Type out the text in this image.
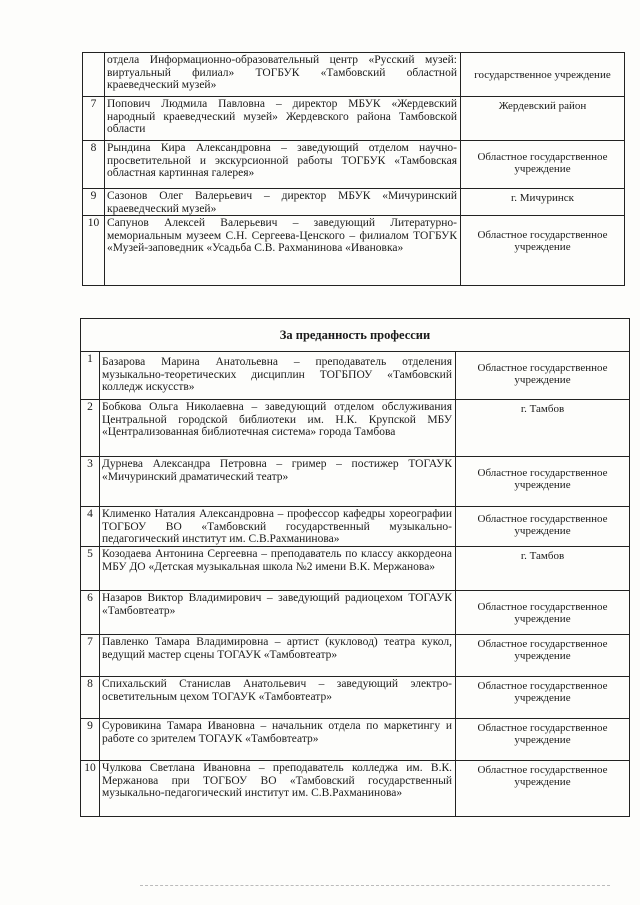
	отдела Информационно-образовательный центр «Русский музей: виртуальный филиал» ТОГБУК «Тамбовский областной краеведческий музей»	государственное учреждение
7	Попович Людмила Павловна – директор МБУК «Жердевский народный краеведческий музей» Жердевского района Тамбовской области	Жердевский район
8	Рындина Кира Александровна – заведующий отделом научно-просветительной и экскурсионной работы ТОГБУК «Тамбовская областная картинная галерея»	Областное государственное учреждение
9	Сазонов Олег Валерьевич – директор МБУК «Мичуринский краеведческий музей»	г. Мичуринск
10	Сапунов Алексей Валерьевич – заведующий Литературно-мемориальным музеем С.Н. Сергеева-Ценского – филиалом ТОГБУК «Музей-заповедник «Усадьба С.В. Рахманинова «Ивановка»	Областное государственное учреждение
За преданность профессии		
1	Базарова Марина Анатольевна – преподаватель отделения музыкально-теоретических дисциплин ТОГБПОУ «Тамбовский колледж искусств»	Областное государственное учреждение
2	Бобкова Ольга Николаевна – заведующий отделом обслуживания Центральной городской библиотеки им. Н.К. Крупской МБУ «Централизованная библиотечная система» города Тамбова	г. Тамбов
3	Дурнева Александра Петровна – гример – постижер ТОГАУК «Мичуринский драматический театр»	Областное государственное учреждение
4	Клименко Наталия Александровна – профессор кафедры хореографии ТОГБОУ ВО «Тамбовский государственный музыкально-педагогический институт им. С.В.Рахманинова»	Областное государственное учреждение
5	Козодаева Антонина Сергеевна – преподаватель по классу аккордеона МБУ ДО «Детская музыкальная школа №2 имени В.К. Мержанова»	г. Тамбов
6	Назаров Виктор Владимирович – заведующий радиоцехом ТОГАУК «Тамбовтеатр»	Областное государственное учреждение
7	Павленко Тамара Владимировна – артист (кукловод) театра кукол, ведущий мастер сцены ТОГАУК «Тамбовтеатр»	Областное государственное учреждение
8	Спихальский Станислав Анатольевич – заведующий электро-осветительным цехом ТОГАУК «Тамбовтеатр»	Областное государственное учреждение
9	Суровикина Тамара Ивановна – начальник отдела по маркетингу и работе со зрителем ТОГАУК «Тамбовтеатр»	Областное государственное учреждение
10	Чулкова Светлана Ивановна – преподаватель колледжа им. В.К. Мержанова при ТОГБОУ ВО «Тамбовский государственный музыкально-педагогический институт им. С.В.Рахманинова»	Областное государственное учреждение
